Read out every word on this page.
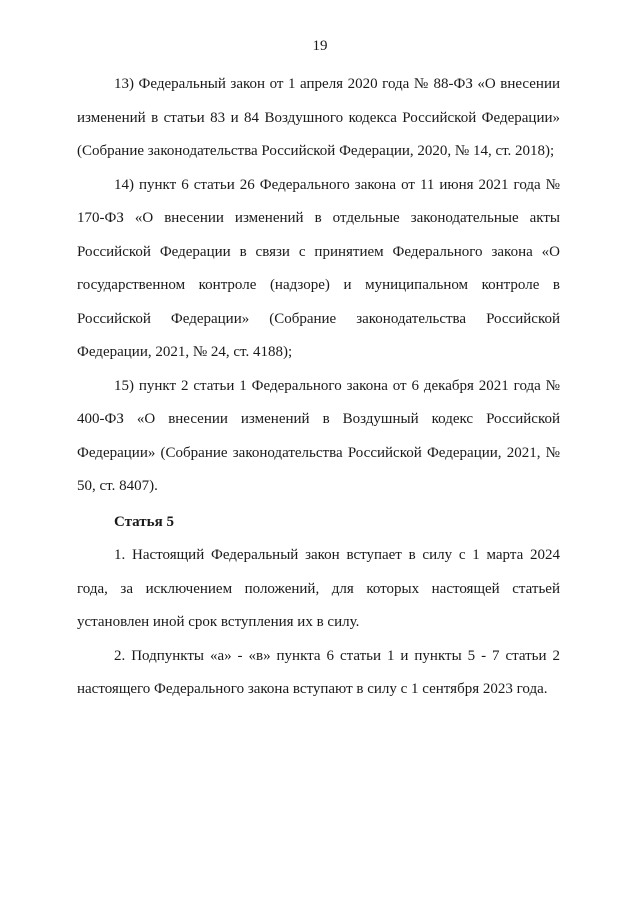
19

13) Федеральный закон от 1 апреля 2020 года № 88-ФЗ «О внесении изменений в статьи 83 и 84 Воздушного кодекса Российской Федерации» (Собрание законодательства Российской Федерации, 2020, № 14, ст. 2018);

14) пункт 6 статьи 26 Федерального закона от 11 июня 2021 года № 170-ФЗ «О внесении изменений в отдельные законодательные акты Российской Федерации в связи с принятием Федерального закона «О государственном контроле (надзоре) и муниципальном контроле в Российской Федерации» (Собрание законодательства Российской Федерации, 2021, № 24, ст. 4188);

15) пункт 2 статьи 1 Федерального закона от 6 декабря 2021 года № 400-ФЗ «О внесении изменений в Воздушный кодекс Российской Федерации» (Собрание законодательства Российской Федерации, 2021, № 50, ст. 8407).

Статья 5

1. Настоящий Федеральный закон вступает в силу с 1 марта 2024 года, за исключением положений, для которых настоящей статьей установлен иной срок вступления их в силу.

2. Подпункты «а» - «в» пункта 6 статьи 1 и пункты 5 - 7 статьи 2 настоящего Федерального закона вступают в силу с 1 сентября 2023 года.
